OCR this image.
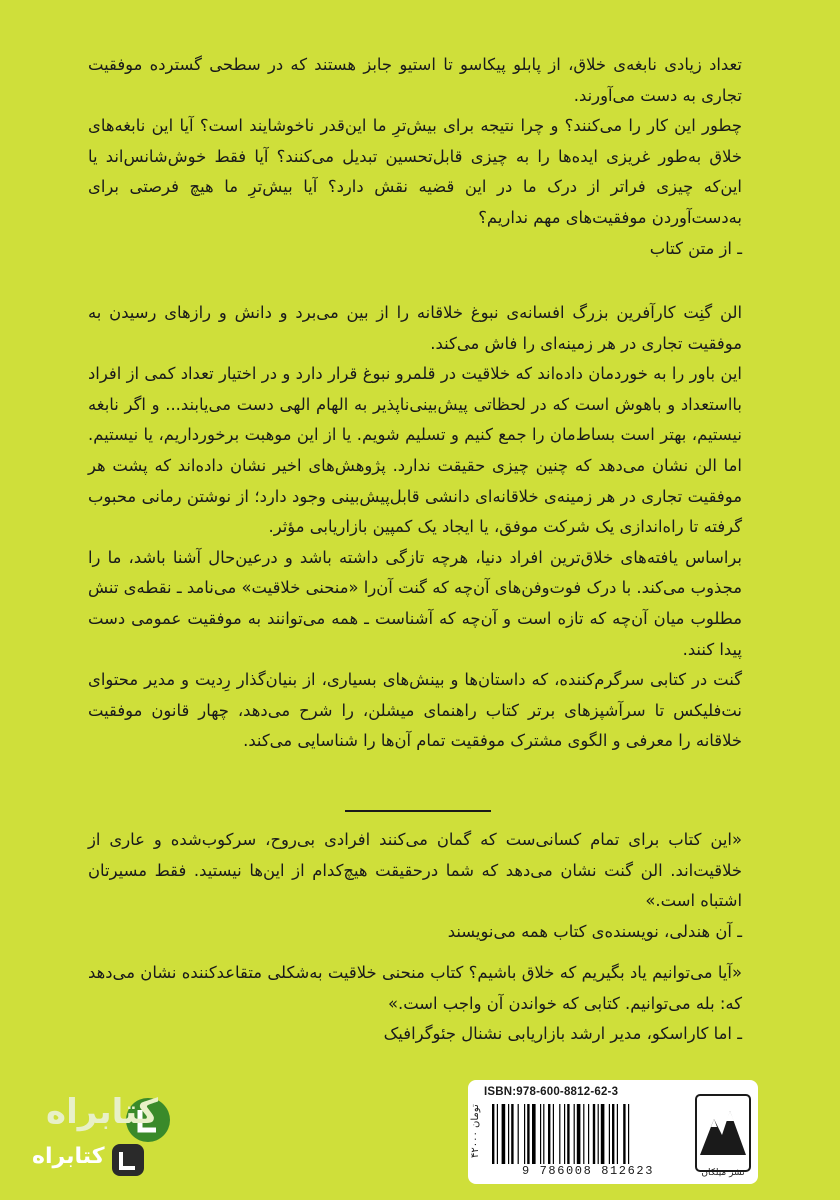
تعداد زیادی نابغه‌ی خلاق، از پابلو پیکاسو تا استیو جابز هستند که در سطحی گسترده موفقیت تجاری به دست می‌آورند.

چطور این کار را می‌کنند؟ و چرا نتیجه برای بیش‌ترِ ما این‌قدر ناخوشایند است؟ آیا این نابغه‌های خلاق به‌طور غریزی ایده‌ها را به چیزی قابل‌تحسین تبدیل می‌کنند؟ آیا فقط خوش‌شانس‌اند یا این‌که چیزی فراتر از درک ما در این قضیه نقش دارد؟ آیا بیش‌ترِ ما هیچ فرصتی برای به‌دست‌آوردن موفقیت‌های مهم نداریم؟

ـ از متن کتاب

الن گنِت کارآفرین بزرگ افسانه‌ی نبوغ خلاقانه را از بین می‌برد و دانش و رازهای رسیدن به موفقیت تجاری در هر زمینه‌ای را فاش می‌کند.

این باور را به خوردمان داده‌اند که خلاقیت در قلمرو نبوغ قرار دارد و در اختیار تعداد کمی از افراد بااستعداد و باهوش است که در لحظاتی پیش‌بینی‌ناپذیر به الهام الهی دست می‌یابند... و اگر نابغه نیستیم، بهتر است بساط‌مان را جمع کنیم و تسلیم شویم. یا از این موهبت برخورداریم، یا نیستیم. اما الن نشان می‌دهد که چنین چیزی حقیقت ندارد. پژوهش‌های اخیر نشان داده‌اند که پشت هر موفقیت تجاری در هر زمینه‌ی خلاقانه‌ای دانشی قابل‌پیش‌بینی وجود دارد؛ از نوشتن رمانی محبوب گرفته تا راه‌اندازی یک شرکت موفق، یا ایجاد یک کمپین بازاریابی مؤثر.

براساس یافته‌های خلاق‌ترین افراد دنیا، هرچه تازگی داشته باشد و درعین‌حال آشنا باشد، ما را مجذوب می‌کند. با درک فوت‌وفن‌های آن‌چه که گنت آن‌را «منحنی خلاقیت» می‌نامد ـ نقطه‌ی تنش مطلوب میان آن‌چه که تازه است و آن‌چه که آشناست ـ همه می‌توانند به موفقیت عمومی دست پیدا کنند.

گنت در کتابی سرگرم‌کننده، که داستان‌ها و بینش‌های بسیاری، از بنیان‌گذار رِدیت و مدیر محتوای نت‌فلیکس تا سرآشپزهای برتر کتاب راهنمای میشلن، را شرح می‌دهد، چهار قانون موفقیت خلاقانه را معرفی و الگوی مشترک موفقیت تمام آن‌ها را شناسایی می‌کند.

«این کتاب برای تمام کسانی‌ست که گمان می‌کنند افرادی بی‌روح، سرکوب‌شده و عاری از خلاقیت‌اند. الن گنت نشان می‌دهد که شما درحقیقت هیچ‌کدام از این‌ها نیستید. فقط مسیرتان اشتباه است.»

ـ آن هندلی، نویسنده‌ی کتاب همه می‌نویسند

«آیا می‌توانیم یاد بگیریم که خلاق باشیم؟ کتاب منحنی خلاقیت به‌شکلی متقاعدکننده نشان می‌دهد که: بله می‌توانیم. کتابی که خواندن آن واجب است.»

ـ اما کاراسکو، مدیر ارشد بازاریابی نشنال جئوگرافیک

۴۲۰۰۰ تومان
ISBN:978-600-8812-62-3
9 786008 812623	نشر میلکان
کتابراه
کتابراه
